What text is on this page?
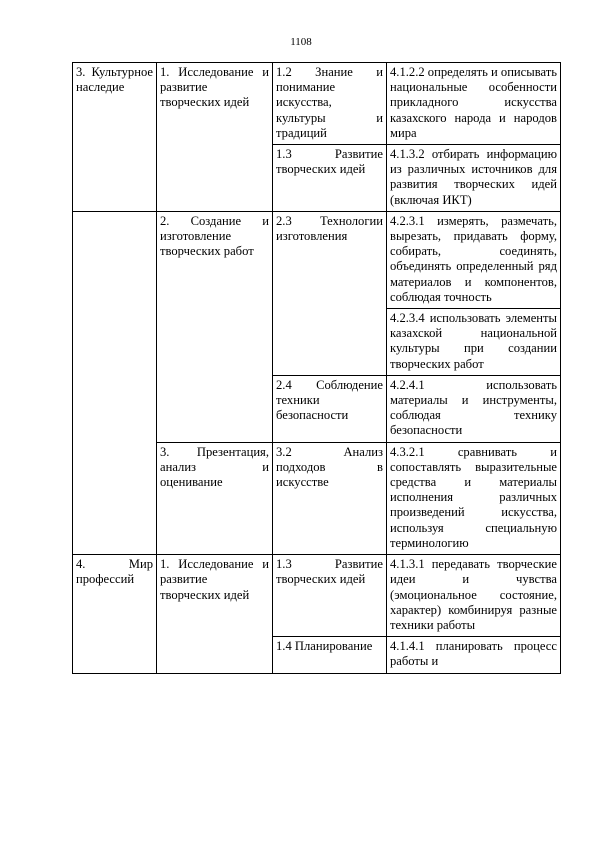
1108
3. Культурное наследие	1. Исследование и развитие творческих идей	1.2 Знание и понимание искусства, культуры и традиций	4.1.2.2 определять и описывать национальные особенности прикладного искусства казахского народа и народов мира

		1.3 Развитие творческих идей	4.1.3.2 отбирать информацию из различных источников для развития творческих идей (включая ИКТ)

	2. Создание и изготовление творческих работ	2.3 Технологии изготовления	4.2.3.1 измерять, размечать, вырезать, придавать форму, собирать, соединять, объединять определенный ряд материалов и компонентов, соблюдая точность

			4.2.3.4 использовать элементы казахской национальной культуры при создании творческих работ

		2.4 Соблюдение техники безопасности	4.2.4.1 использовать материалы и инструменты, соблюдая технику безопасности

	3. Презентация, анализ и оценивание	3.2 Анализ подходов в искусстве	4.3.2.1 сравнивать и сопоставлять выразительные средства и материалы исполнения различных произведений искусства, используя специальную терминологию

4. Мир профессий	1. Исследование и развитие творческих идей	1.3 Развитие творческих идей	4.1.3.1 передавать творческие идеи и чувства (эмоциональное состояние, характер) комбинируя разные техники работы

		1.4 Планирование	4.1.4.1 планировать процесс работы и
